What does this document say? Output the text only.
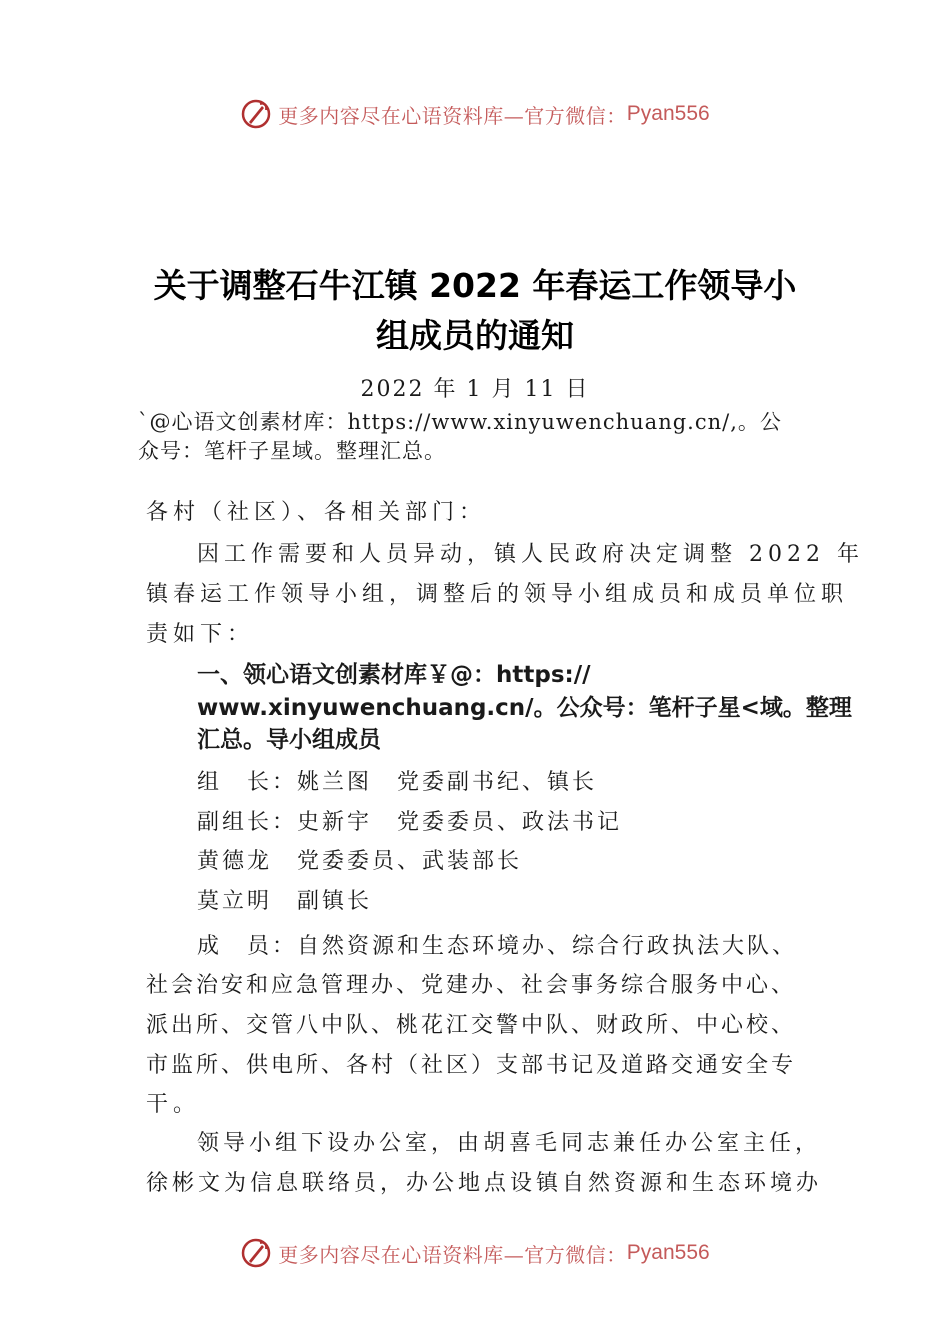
更多内容尽在心语资料库—官方微信： Pyan556
关于调整石牛江镇 2022 年春运工作领导小
组成员的通知
2022 年 1 月 11 日
`@心语文创素材库：https://www.xinyuwenchuang.cn/,。公
众号：笔杆子星域。整理汇总。
各村（社区）、各相关部门：
因工作需要和人员异动，镇人民政府决定调整 2022 年
镇春运工作领导小组，调整后的领导小组成员和成员单位职
责如下：
一、领心语文创素材库￥@：https://
www.xinyuwenchuang.cn/。公众号：笔杆子星<域。整理
汇总。导小组成员
组　长：姚兰图　党委副书纪、镇长
副组长：史新宇　党委委员、政法书记
黄德龙　党委委员、武装部长
莫立明　副镇长
成　员：自然资源和生态环境办、综合行政执法大队、
社会治安和应急管理办、党建办、社会事务综合服务中心、
派出所、交管八中队、桃花江交警中队、财政所、中心校、
市监所、供电所、各村（社区）支部书记及道路交通安全专
干。
领导小组下设办公室，由胡喜毛同志兼任办公室主任，
徐彬文为信息联络员，办公地点设镇自然资源和生态环境办
更多内容尽在心语资料库—官方微信： Pyan556
